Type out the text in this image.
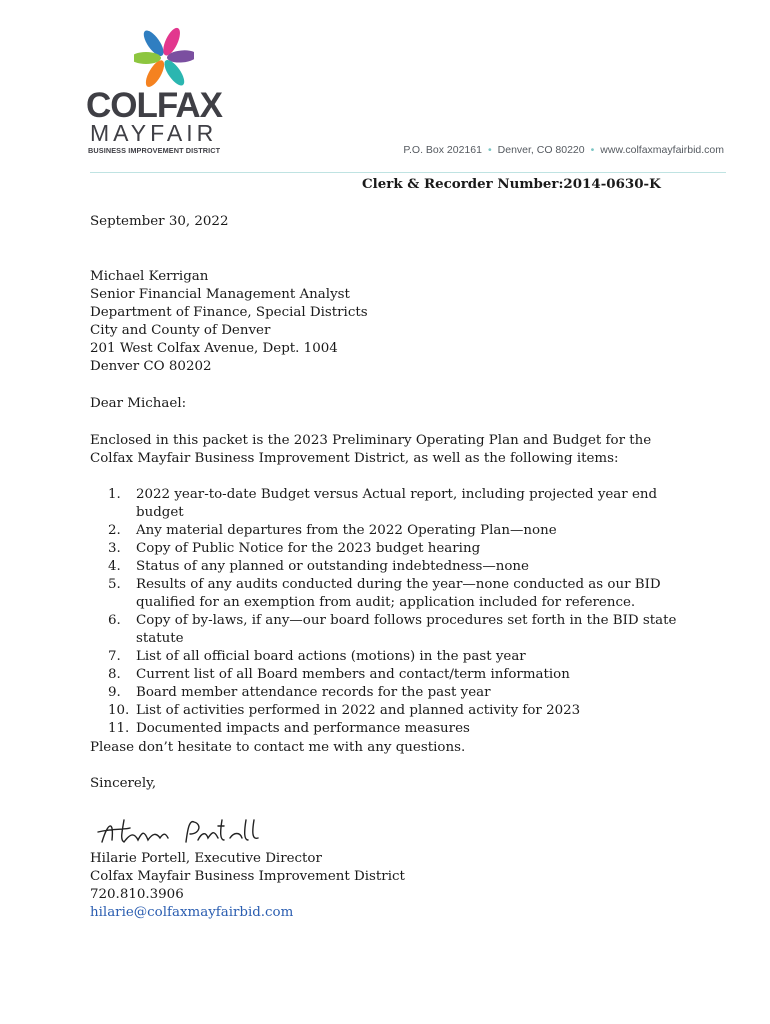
COLFAX
MAYFAIR
BUSINESS IMPROVEMENT DISTRICT	P.O. Box 202161 • Denver, CO 80220 • www.colfaxmayfairbid.com
Clerk & Recorder Number:2014-0630-K
September 30, 2022
Michael Kerrigan
Senior Financial Management Analyst
Department of Finance, Special Districts
City and County of Denver
201 West Colfax Avenue, Dept. 1004
Denver CO 80202
Dear Michael:
Enclosed in this packet is the 2023 Preliminary Operating Plan and Budget for the Colfax Mayfair Business Improvement District, as well as the following items:
1.	2022 year-to-date Budget versus Actual report, including projected year end budget
2.	Any material departures from the 2022 Operating Plan—none
3.	Copy of Public Notice for the 2023 budget hearing
4.	Status of any planned or outstanding indebtedness—none
5.	Results of any audits conducted during the year—none conducted as our BID qualified for an exemption from audit; application included for reference.
6.	Copy of by-laws, if any—our board follows procedures set forth in the BID state statute
7.	List of all official board actions (motions) in the past year
8.	Current list of all Board members and contact/term information
9.	Board member attendance records for the past year
10. List of activities performed in 2022 and planned activity for 2023
11. Documented impacts and performance measures
Please don’t hesitate to contact me with any questions.
Sincerely,
Hilarie Portell, Executive Director
Colfax Mayfair Business Improvement District
720.810.3906
hilarie@colfaxmayfairbid.com
